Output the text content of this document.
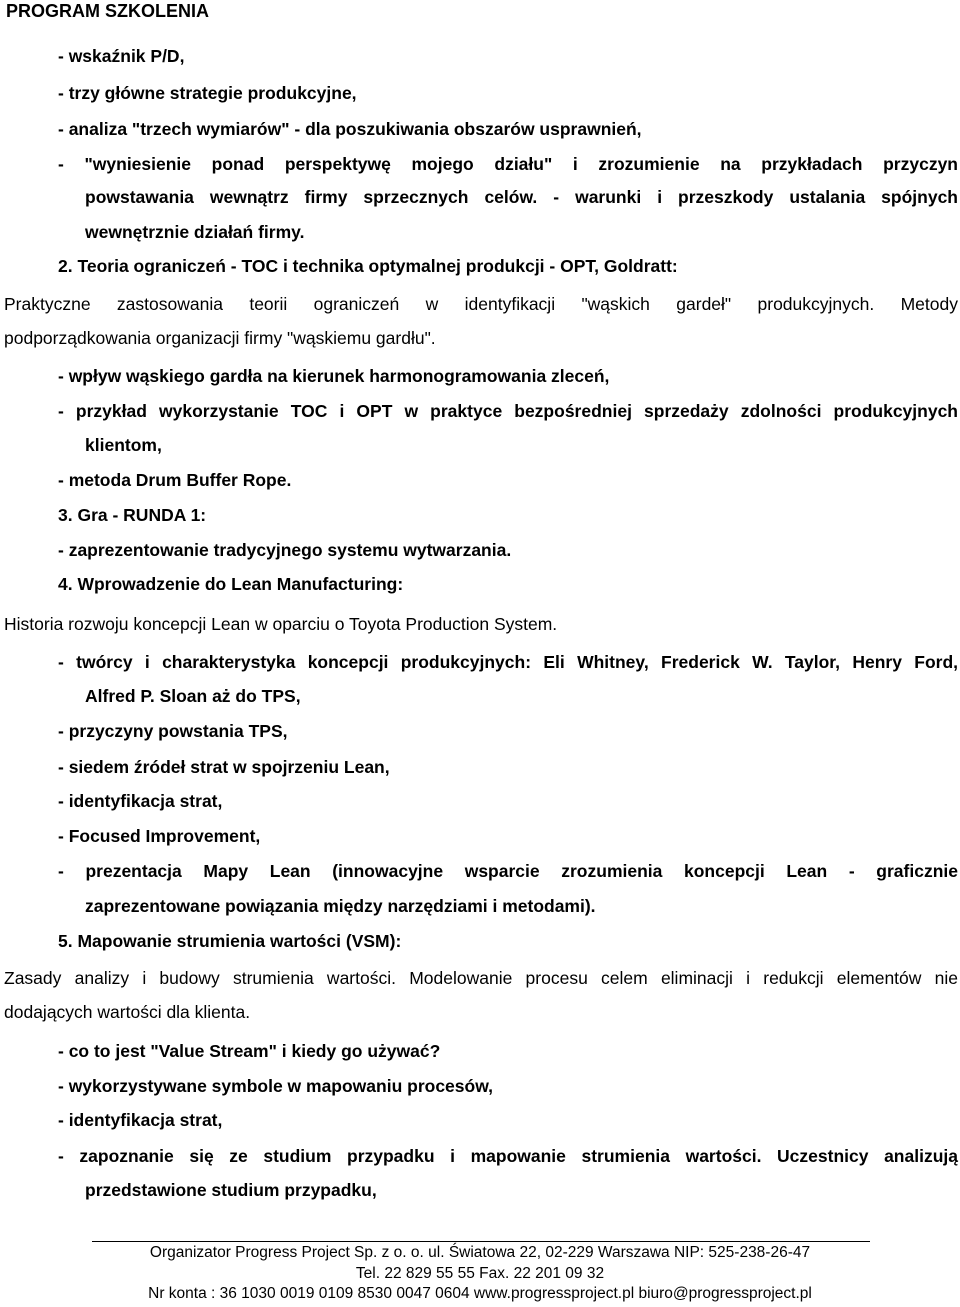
PROGRAM SZKOLENIA
- wskaźnik P/D,
- trzy główne strategie produkcyjne,
- analiza "trzech wymiarów" - dla poszukiwania obszarów usprawnień,
- "wyniesienie ponad perspektywę mojego działu" i zrozumienie na przykładach przyczyn
powstawania wewnątrz firmy sprzecznych celów. - warunki i przeszkody ustalania spójnych
wewnętrznie działań firmy.
2. Teoria ograniczeń - TOC i technika optymalnej produkcji - OPT, Goldratt:
Praktyczne zastosowania teorii ograniczeń w identyfikacji "wąskich gardeł" produkcyjnych. Metody
podporządkowania organizacji firmy "wąskiemu gardłu".
- wpływ wąskiego gardła na kierunek harmonogramowania zleceń,
- przykład wykorzystanie TOC i OPT w praktyce bezpośredniej sprzedaży zdolności produkcyjnych
klientom,
- metoda Drum Buffer Rope.
3. Gra - RUNDA 1:
- zaprezentowanie tradycyjnego systemu wytwarzania.
4. Wprowadzenie do Lean Manufacturing:
Historia rozwoju koncepcji Lean w oparciu o Toyota Production System.
- twórcy i charakterystyka koncepcji produkcyjnych: Eli Whitney, Frederick W. Taylor, Henry Ford,
Alfred P. Sloan aż do TPS,
- przyczyny powstania TPS,
- siedem źródeł strat w spojrzeniu Lean,
- identyfikacja strat,
- Focused Improvement,
- prezentacja Mapy Lean (innowacyjne wsparcie zrozumienia koncepcji Lean - graficznie
zaprezentowane powiązania między narzędziami i metodami).
5. Mapowanie strumienia wartości (VSM):
Zasady analizy i budowy strumienia wartości. Modelowanie procesu celem eliminacji i redukcji elementów nie
dodających wartości dla klienta.
- co to jest "Value Stream" i kiedy go używać?
- wykorzystywane symbole w mapowaniu procesów,
- identyfikacja strat,
- zapoznanie się ze studium przypadku i mapowanie strumienia wartości. Uczestnicy analizują
przedstawione studium przypadku,
Organizator Progress Project Sp. z o. o. ul. Światowa 22, 02-229 Warszawa NIP: 525-238-26-47
Tel. 22 829 55 55 Fax. 22 201 09 32
Nr konta : 36 1030 0019 0109 8530 0047 0604 www.progressproject.pl biuro@progressproject.pl
